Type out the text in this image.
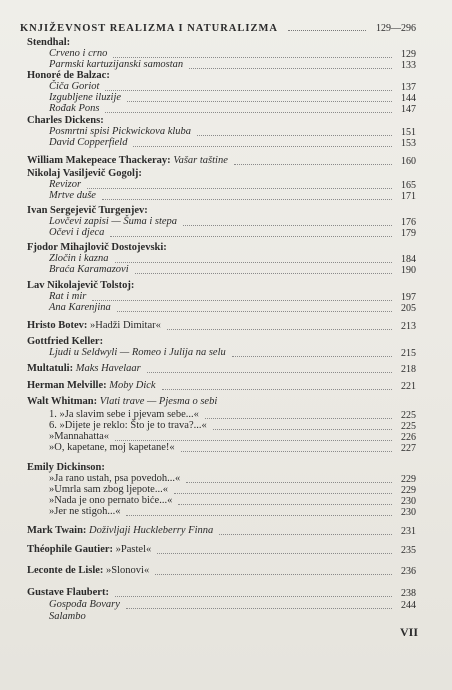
KNJIŽEVNOST REALIZMA I NATURALIZMA	129—296
Stendhal:
Crveno i crno	129
Parmski kartuzijanski samostan	133
Honoré de Balzac:
Čiča Goriot	137
Izgubljene iluzije	144
Rođak Pons	147
Charles Dickens:
Posmrtni spisi Pickwickova kluba	151
David Copperfield	153
William Makepeace Thackeray: Vašar taštine	160
Nikolaj Vasiljevič Gogolj:
Revizor	165
Mrtve duše	171
Ivan Sergejevič Turgenjev:
Lovčevi zapisi — Šuma i stepa	176
Očevi i djeca	179
Fjodor Mihajlovič Dostojevski:
Zločin i kazna	184
Braća Karamazovi	190
Lav Nikolajevič Tolstoj:
Rat i mir	197
Ana Karenjina	205
Hristo Botev: »Hadži Dimitar«	213
Gottfried Keller:
Ljudi u Seldwyli — Romeo i Julija na selu	215
Multatuli: Maks Havelaar	218
Herman Melville: Moby Dick	221
Walt Whitman: Vlati trave — Pjesma o sebi
1. »Ja slavim sebe i pjevam sebe...«	225
6. »Dijete je reklo: Što je to trava?...«	225
»Mannahatta«	226
»O, kapetane, moj kapetane!«	227
Emily Dickinson:
»Ja rano ustah, psa povedoh...«	229
»Umrla sam zbog ljepote...«	229
»Nada je ono pernato biće...«	230
»Jer ne stigoh...«	230
Mark Twain: Doživljaji Huckleberry Finna	231
Théophile Gautier: »Pastel«	235
Leconte de Lisle: »Slonovi«	236
Gustave Flaubert:	238
Gospođa Bovary	244
Salambo
VII
